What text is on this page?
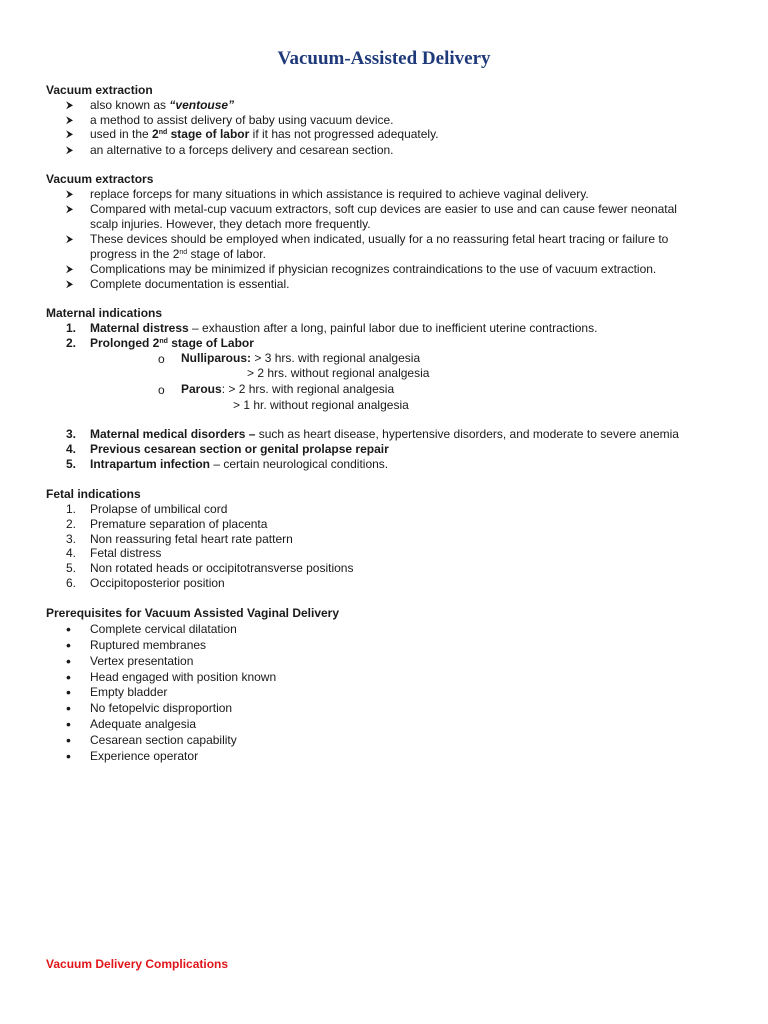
Vacuum-Assisted Delivery
Vacuum extraction
⮞ also known as “ventouse”
⮞ a method to assist delivery of baby using vacuum device.
⮞ used in the 2nd stage of labor if it has not progressed adequately.
⮞ an alternative to a forceps delivery and cesarean section.
Vacuum extractors
⮞ replace forceps for many situations in which assistance is required to achieve vaginal delivery.
⮞ Compared with metal-cup vacuum extractors, soft cup devices are easier to use and can cause fewer neonatal
scalp injuries. However, they detach more frequently.
⮞ These devices should be employed when indicated, usually for a no reassuring fetal heart tracing or failure to
progress in the 2nd stage of labor.
⮞ Complications may be minimized if physician recognizes contraindications to the use of vacuum extraction.
⮞ Complete documentation is essential.
Maternal indications
1. Maternal distress – exhaustion after a long, painful labor due to inefficient uterine contractions.
2. Prolonged 2nd stage of Labor
o Nulliparous: > 3 hrs. with regional analgesia
> 2 hrs. without regional analgesia
o Parous: > 2 hrs. with regional analgesia
> 1 hr. without regional analgesia
3. Maternal medical disorders – such as heart disease, hypertensive disorders, and moderate to severe anemia
4. Previous cesarean section or genital prolapse repair
5. Intrapartum infection – certain neurological conditions.
Fetal indications
1. Prolapse of umbilical cord
2. Premature separation of placenta
3. Non reassuring fetal heart rate pattern
4. Fetal distress
5. Non rotated heads or occipitotransverse positions
6. Occipitoposterior position
Prerequisites for Vacuum Assisted Vaginal Delivery
• Complete cervical dilatation
• Ruptured membranes
• Vertex presentation
• Head engaged with position known
• Empty bladder
• No fetopelvic disproportion
• Adequate analgesia
• Cesarean section capability
• Experience operator
Vacuum Delivery Complications
